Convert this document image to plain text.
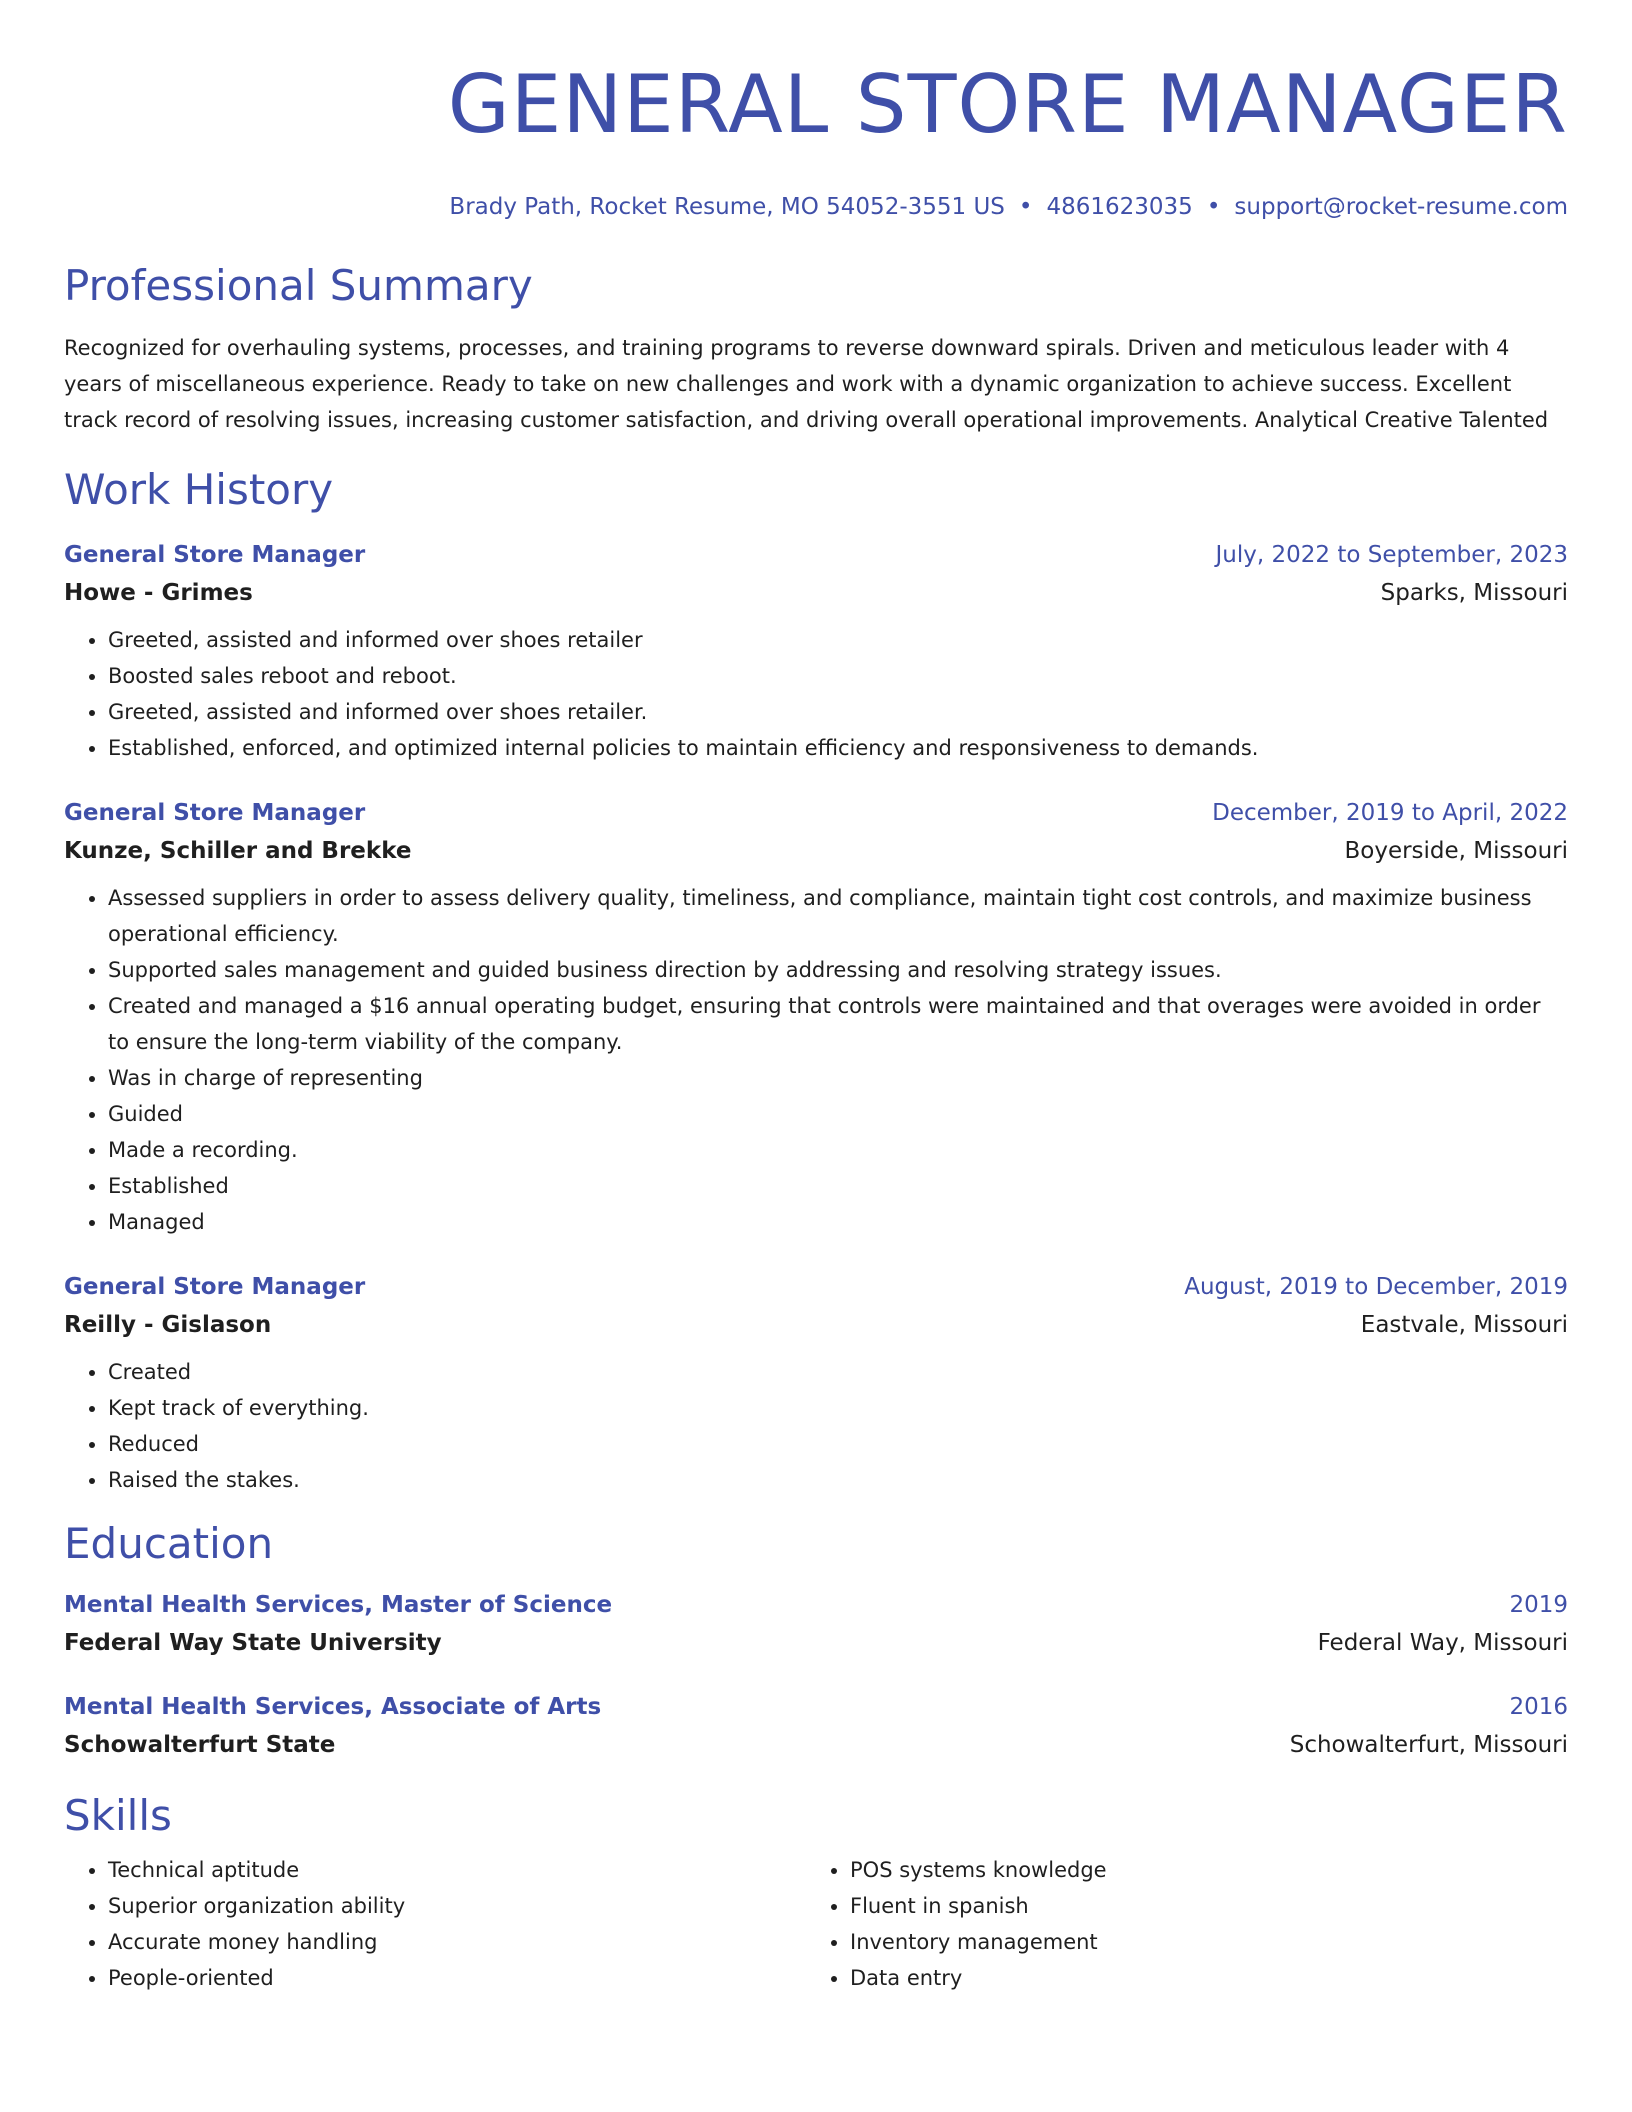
GENERAL STORE MANAGER
Brady Path, Rocket Resume, MO 54052-3551 US • 4861623035 • support@rocket-resume.com
Professional Summary
Recognized for overhauling systems, processes, and training programs to reverse downward spirals. Driven and meticulous leader with 4 years of miscellaneous experience. Ready to take on new challenges and work with a dynamic organization to achieve success. Excellent track record of resolving issues, increasing customer satisfaction, and driving overall operational improvements. Analytical Creative Talented
Work History
General Store Manager	July, 2022 to September, 2023
Howe - Grimes	Sparks, Missouri
• Greeted, assisted and informed over shoes retailer
• Boosted sales reboot and reboot.
• Greeted, assisted and informed over shoes retailer.
• Established, enforced, and optimized internal policies to maintain efficiency and responsiveness to demands.
General Store Manager	December, 2019 to April, 2022
Kunze, Schiller and Brekke	Boyerside, Missouri
• Assessed suppliers in order to assess delivery quality, timeliness, and compliance, maintain tight cost controls, and maximize business operational efficiency.
• Supported sales management and guided business direction by addressing and resolving strategy issues.
• Created and managed a $16 annual operating budget, ensuring that controls were maintained and that overages were avoided in order to ensure the long-term viability of the company.
• Was in charge of representing
• Guided
• Made a recording.
• Established
• Managed
General Store Manager	August, 2019 to December, 2019
Reilly - Gislason	Eastvale, Missouri
• Created
• Kept track of everything.
• Reduced
• Raised the stakes.
Education
Mental Health Services, Master of Science	2019
Federal Way State University	Federal Way, Missouri
Mental Health Services, Associate of Arts	2016
Schowalterfurt State	Schowalterfurt, Missouri
Skills
• Technical aptitude
• Superior organization ability
• Accurate money handling
• People-oriented
• POS systems knowledge
• Fluent in spanish
• Inventory management
• Data entry
